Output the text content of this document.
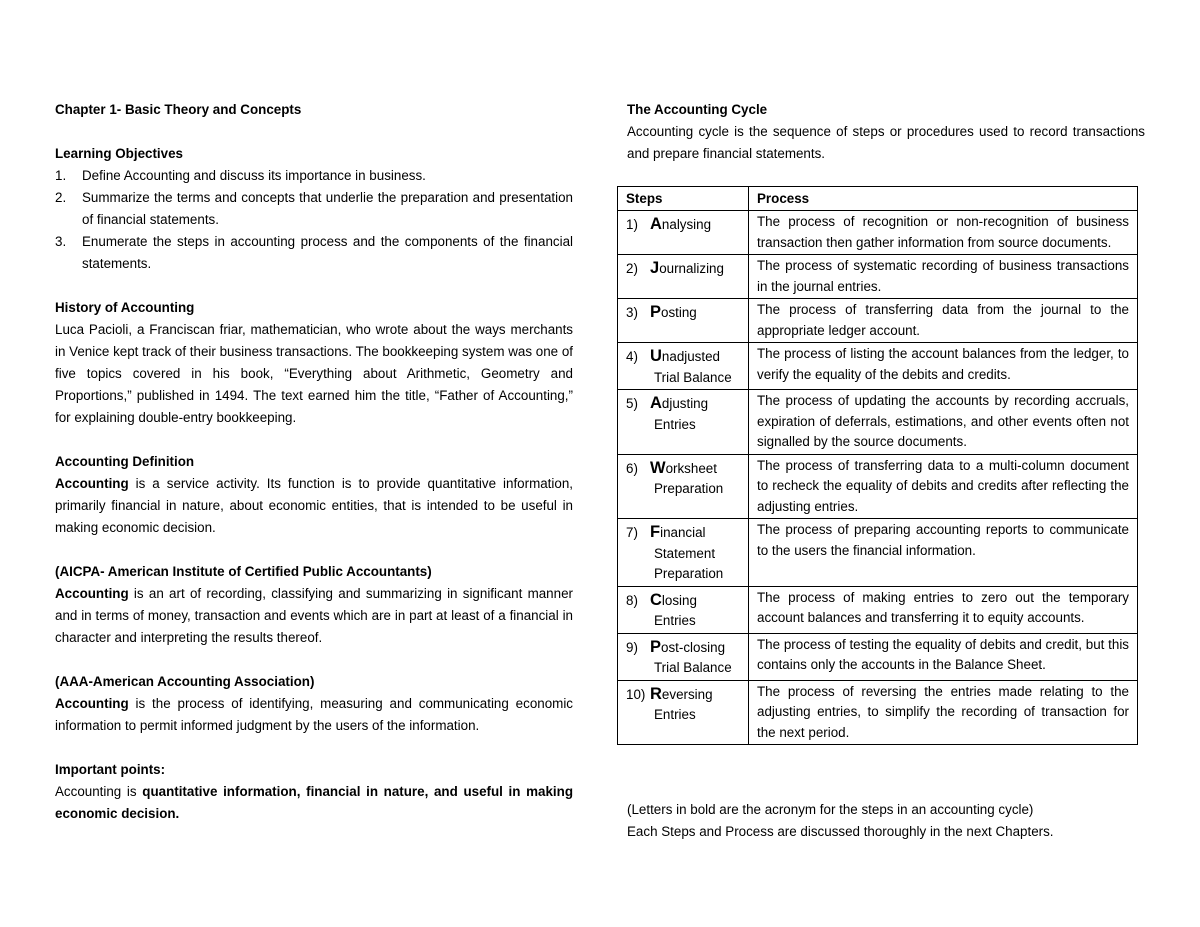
Chapter 1- Basic Theory and Concepts
Learning Objectives
1. Define Accounting and discuss its importance in business.
2. Summarize the terms and concepts that underlie the preparation and presentation of financial statements.
3. Enumerate the steps in accounting process and the components of the financial statements.
History of Accounting
Luca Pacioli, a Franciscan friar, mathematician, who wrote about the ways merchants in Venice kept track of their business transactions. The bookkeeping system was one of five topics covered in his book, “Everything about Arithmetic, Geometry and Proportions,” published in 1494. The text earned him the title, “Father of Accounting,” for explaining double-entry bookkeeping.
Accounting Definition
Accounting is a service activity. Its function is to provide quantitative information, primarily financial in nature, about economic entities, that is intended to be useful in making economic decision.
(AICPA- American Institute of Certified Public Accountants)
Accounting is an art of recording, classifying and summarizing in significant manner and in terms of money, transaction and events which are in part at least of a financial in character and interpreting the results thereof.
(AAA-American Accounting Association)
Accounting is the process of identifying, measuring and communicating economic information to permit informed judgment by the users of the information.
Important points:
Accounting is quantitative information, financial in nature, and useful in making economic decision.
The Accounting Cycle
Accounting cycle is the sequence of steps or procedures used to record transactions and prepare financial statements.
Steps	Process
1) Analysing	The process of recognition or non-recognition of business transaction then gather information from source documents.
2) Journalizing	The process of systematic recording of business transactions in the journal entries.
3) Posting	The process of transferring data from the journal to the appropriate ledger account.
4) Unadjusted
Trial Balance	The process of listing the account balances from the ledger, to verify the equality of the debits and credits.
5) Adjusting
Entries	The process of updating the accounts by recording accruals, expiration of deferrals, estimations, and other events often not signalled by the source documents.
6) Worksheet
Preparation	The process of transferring data to a multi-column document to recheck the equality of debits and credits after reflecting the adjusting entries.
7) Financial
Statement Preparation	The process of preparing accounting reports to communicate to the users the financial information.
8) Closing
Entries	The process of making entries to zero out the temporary account balances and transferring it to equity accounts.
9) Post-closing
Trial Balance	The process of testing the equality of debits and credit, but this contains only the accounts in the Balance Sheet.
10) Reversing
Entries	The process of reversing the entries made relating to the adjusting entries, to simplify the recording of transaction for the next period.
(Letters in bold are the acronym for the steps in an accounting cycle)
Each Steps and Process are discussed thoroughly in the next Chapters.
